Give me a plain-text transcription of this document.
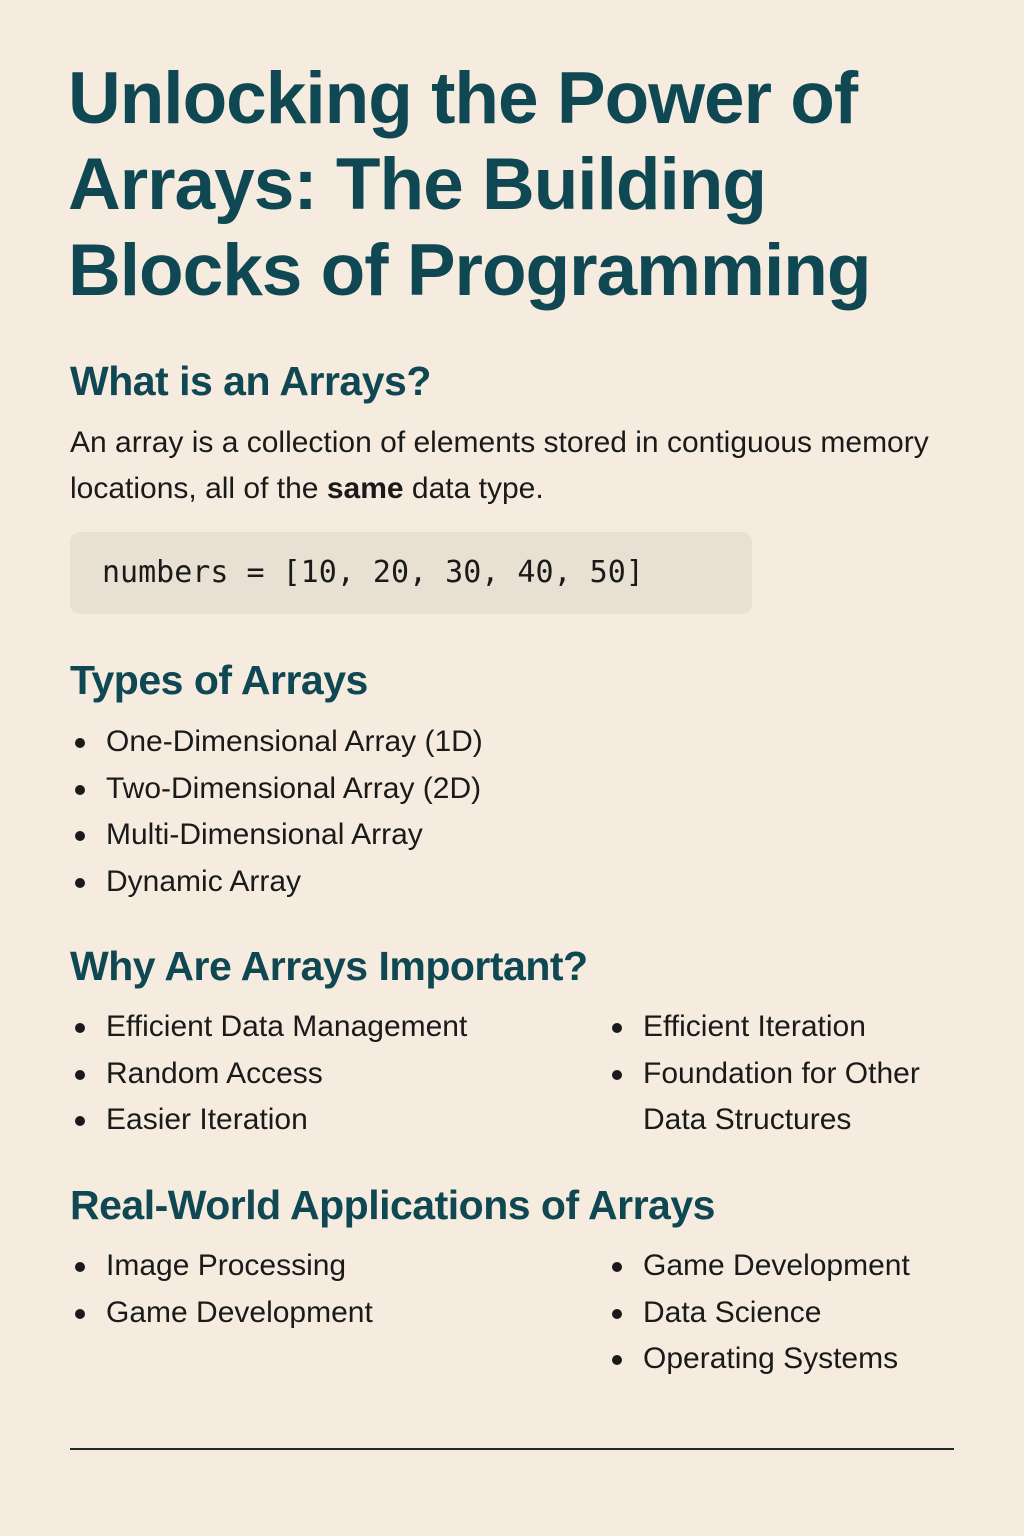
Unlocking the Power of
Arrays: The Building
Blocks of Programming
What is an Arrays?

An array is a collection of elements stored in contiguous memory locations, all of the same data type.

numbers = [10, 20, 30, 40, 50]
Types of Arrays
One-Dimensional Array (1D)
Two-Dimensional Array (2D)
Multi-Dimensional Array
Dynamic Array
Why Are Arrays Important?
Efficient Data Management
Random Access
Easier Iteration
Efficient Iteration
Foundation for Other
Data Structures
Real-World Applications of Arrays
Image Processing
Game Development
Game Development
Data Science
Operating Systems
